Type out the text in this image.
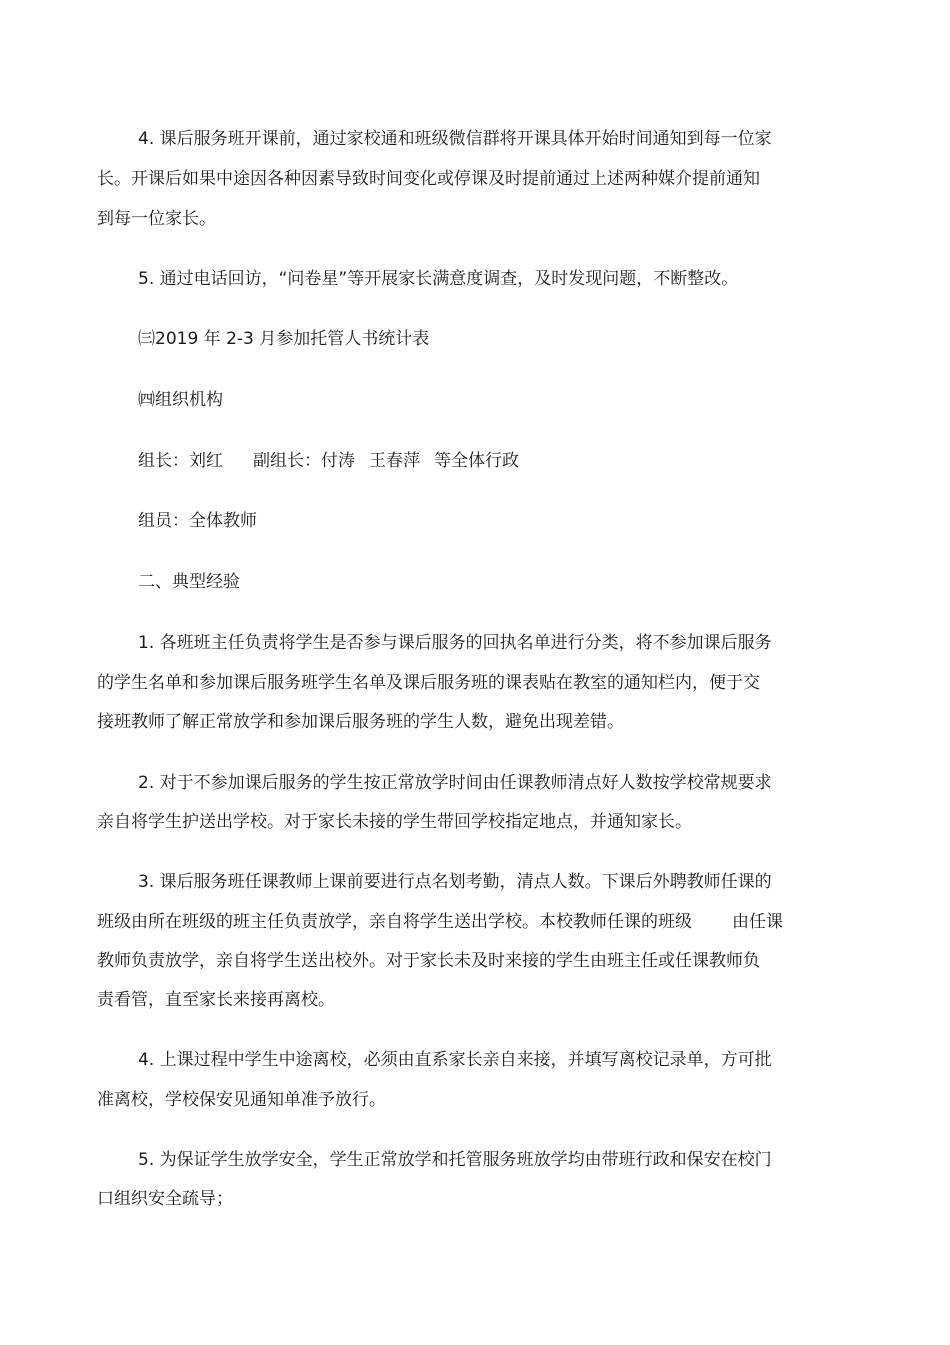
4. 课后服务班开课前，通过家校通和班级微信群将开课具体开始时间通知到每一位家
长。开课后如果中途因各种因素导致时间变化或停课及时提前通过上述两种媒介提前通知
到每一位家长。
5. 通过电话回访，“问卷星”等开展家长满意度调查，及时发现问题，不断整改。
㈢2019 年 2-3 月参加托管人书统计表
㈣组织机构
组长：刘红 副组长：付涛 王春萍 等全体行政
组员：全体教师
二、典型经验
1. 各班班主任负责将学生是否参与课后服务的回执名单进行分类，将不参加课后服务
的学生名单和参加课后服务班学生名单及课后服务班的课表贴在教室的通知栏内，便于交
接班教师了解正常放学和参加课后服务班的学生人数，避免出现差错。
2. 对于不参加课后服务的学生按正常放学时间由任课教师清点好人数按学校常规要求
亲自将学生护送出学校。对于家长未接的学生带回学校指定地点，并通知家长。
3. 课后服务班任课教师上课前要进行点名划考勤，清点人数。下课后外聘教师任课的
班级由所在班级的班主任负责放学，亲自将学生送出学校。本校教师任课的班级 由任课
教师负责放学，亲自将学生送出校外。对于家长未及时来接的学生由班主任或任课教师负
责看管，直至家长来接再离校。
4. 上课过程中学生中途离校，必须由直系家长亲自来接，并填写离校记录单，方可批
准离校，学校保安见通知单准予放行。
5. 为保证学生放学安全，学生正常放学和托管服务班放学均由带班行政和保安在校门
口组织安全疏导；
